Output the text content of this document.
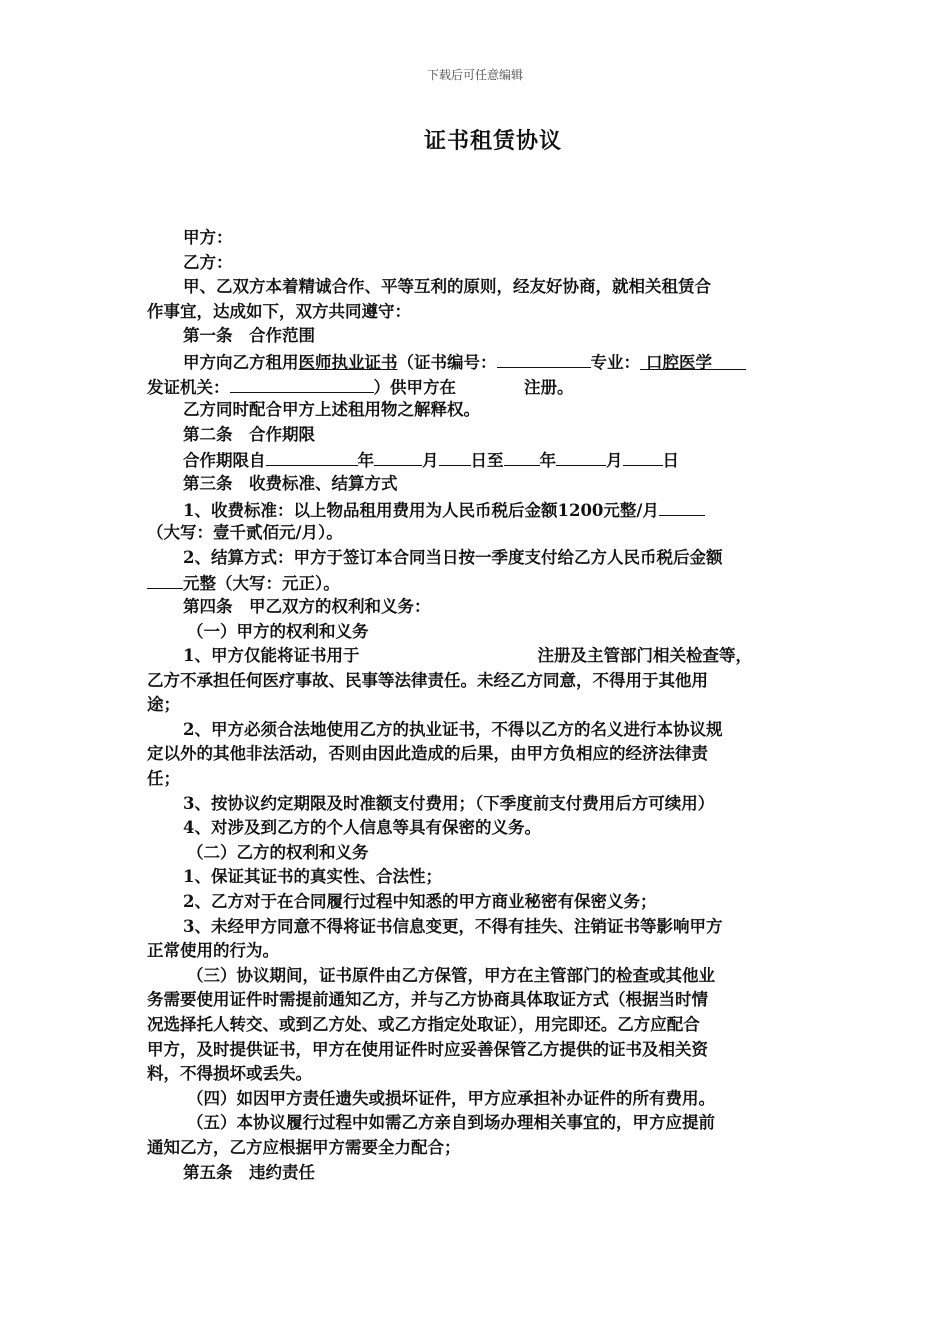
下载后可任意编辑
证书租赁协议
甲方：
乙方：
甲、乙双方本着精诚合作、平等互利的原则，经友好协商，就相关租赁合
作事宜，达成如下，双方共同遵守：
第一条　合作范围
甲方向乙方租用医师执业证书（证书编号：	专业： 口腔医学
发证机关：	）供甲方在	注册。
乙方同时配合甲方上述租用物之解释权。
第二条　合作期限
合作期限自	年	月 日至 年	月 日
第三条　收费标准、结算方式
1、收费标准：以上物品租用费用为人民币税后金额1200元整/月
（大写：壹千贰佰元/月）。
2、结算方式：甲方于签订本合同当日按一季度支付给乙方人民币税后金额
元整（大写：元正）。
第四条　甲乙双方的权利和义务：
（一）甲方的权利和义务
1、甲方仅能将证书用于	注册及主管部门相关检查等，
乙方不承担任何医疗事故、民事等法律责任。未经乙方同意，不得用于其他用
途；
2、甲方必须合法地使用乙方的执业证书，不得以乙方的名义进行本协议规
定以外的其他非法活动，否则由因此造成的后果，由甲方负相应的经济法律责
任；
3、按协议约定期限及时准额支付费用；（下季度前支付费用后方可续用）
4、对涉及到乙方的个人信息等具有保密的义务。
（二）乙方的权利和义务
1、保证其证书的真实性、合法性；
2、乙方对于在合同履行过程中知悉的甲方商业秘密有保密义务；
3、未经甲方同意不得将证书信息变更，不得有挂失、注销证书等影响甲方
正常使用的行为。
（三）协议期间，证书原件由乙方保管，甲方在主管部门的检查或其他业
务需要使用证件时需提前通知乙方，并与乙方协商具体取证方式（根据当时情
况选择托人转交、或到乙方处、或乙方指定处取证），用完即还。乙方应配合
甲方，及时提供证书，甲方在使用证件时应妥善保管乙方提供的证书及相关资
料，不得损坏或丢失。
（四）如因甲方责任遗失或损坏证件，甲方应承担补办证件的所有费用。
（五）本协议履行过程中如需乙方亲自到场办理相关事宜的，甲方应提前
通知乙方，乙方应根据甲方需要全力配合；
第五条　违约责任
